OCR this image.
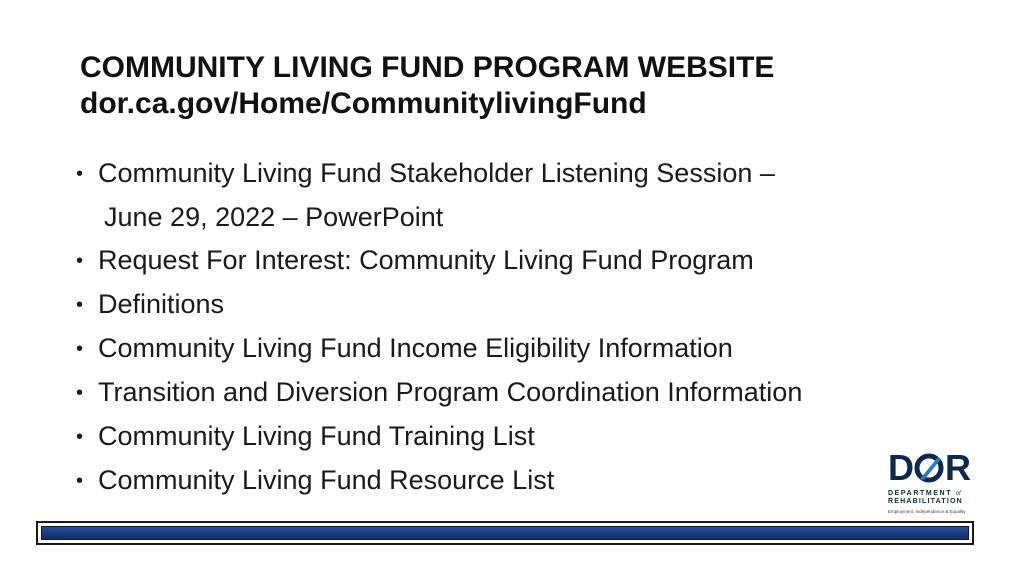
COMMUNITY LIVING FUND PROGRAM WEBSITE
dor.ca.gov/Home/CommunitylivingFund
• Community Living Fund Stakeholder Listening Session –
June 29, 2022 – PowerPoint
• Request For Interest: Community Living Fund Program
• Definitions
• Community Living Fund Income Eligibility Information
• Transition and Diversion Program Coordination Information
• Community Living Fund Training List
• Community Living Fund Resource List	D R
DEPARTMENT of
REHABILITATION
Employment, Independence & Equality
